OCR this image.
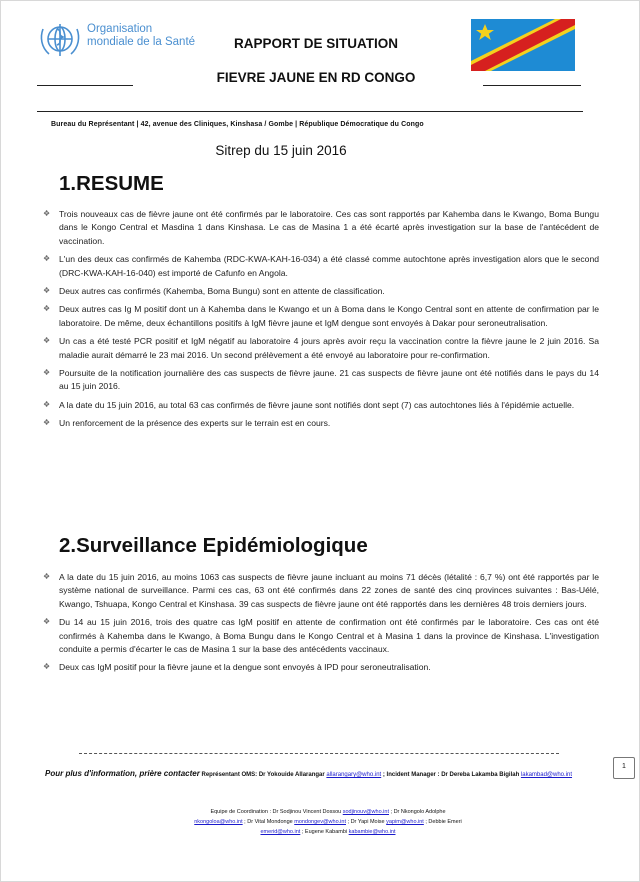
Organisation
mondiale de la Santé	RAPPORT DE SITUATION
FIEVRE JAUNE EN RD CONGO
Bureau du Représentant | 42, avenue des Cliniques, Kinshasa / Gombe | République Démocratique du Congo
Sitrep du 15 juin 2016
1.RESUME
❖ Trois nouveaux cas de fièvre jaune ont été confirmés par le laboratoire. Ces cas sont rapportés par Kahemba dans le Kwango, Boma Bungu dans le Kongo Central et Masdina 1 dans Kinshasa. Le cas de Masina 1 a été écarté après investigation sur la base de l'antécédent de vaccination.
❖ L'un des deux cas confirmés de Kahemba (RDC-KWA-KAH-16-034) a été classé comme autochtone après investigation alors que le second (DRC-KWA-KAH-16-040) est importé de Cafunfo en Angola.
❖ Deux autres cas confirmés (Kahemba, Boma Bungu) sont en attente de classification.
❖ Deux autres cas Ig M positif dont un à Kahemba dans le Kwango et un à Boma dans le Kongo Central sont en attente de confirmation par le laboratoire. De même, deux échantillons positifs à IgM fièvre jaune et IgM dengue sont envoyés à Dakar pour seroneutralisation.
❖ Un cas a été testé PCR positif et IgM négatif au laboratoire 4 jours après avoir reçu la vaccination contre la fièvre jaune le 2 juin 2016. Sa maladie aurait démarré le 23 mai 2016. Un second prélèvement a été envoyé au laboratoire pour re-confirmation.
❖ Poursuite de la notification journalière des cas suspects de fièvre jaune. 21 cas suspects de fièvre jaune ont été notifiés dans le pays du 14 au 15 juin 2016.
❖ A la date du 15 juin 2016, au total 63 cas confirmés de fièvre jaune sont notifiés dont sept (7) cas autochtones liés à l'épidémie actuelle.
❖ Un renforcement de la présence des experts sur le terrain est en cours.
2.Surveillance Epidémiologique
❖ A la date du 15 juin 2016, au moins 1063 cas suspects de fièvre jaune incluant au moins 71 décès (létalité : 6,7 %) ont été rapportés par le système national de surveillance. Parmi ces cas, 63 ont été confirmés dans 22 zones de santé des cinq provinces suivantes : Bas-Uélé, Kwango, Tshuapa, Kongo Central et Kinshasa. 39 cas suspects de fièvre jaune ont été rapportés dans les dernières 48 trois derniers jours.
❖ Du 14 au 15 juin 2016, trois des quatre cas IgM positif en attente de confirmation ont été confirmés par le laboratoire. Ces cas ont été confirmés à Kahemba dans le Kwango, à Boma Bungu dans le Kongo Central et à Masina 1 dans la province de Kinshasa. L'investigation conduite a permis d'écarter le cas de Masina 1 sur la base des antécédents vaccinaux.
❖ Deux cas IgM positif pour la fièvre jaune et la dengue sont envoyés à IPD pour seroneutralisation.
1
Pour plus d'information, prière contacter Représentant OMS: Dr Yokouide Allarangar allarangary@who.int ; Incident Manager : Dr Dereba Lakamba Bigilah lakambad@who.int
Equipe de Coordination : Dr Sodjinou Vincent Dossou sodjinouv@who.int ; Dr Nkongolo Adolphe
nkongoloa@who.int ; Dr Vital Mondonge mondongev@who.int ; Dr Yapi Moise yapim@who.int ; Debbie Emeri
emerid@who.int ; Eugene Kabambi kabambie@who.int
